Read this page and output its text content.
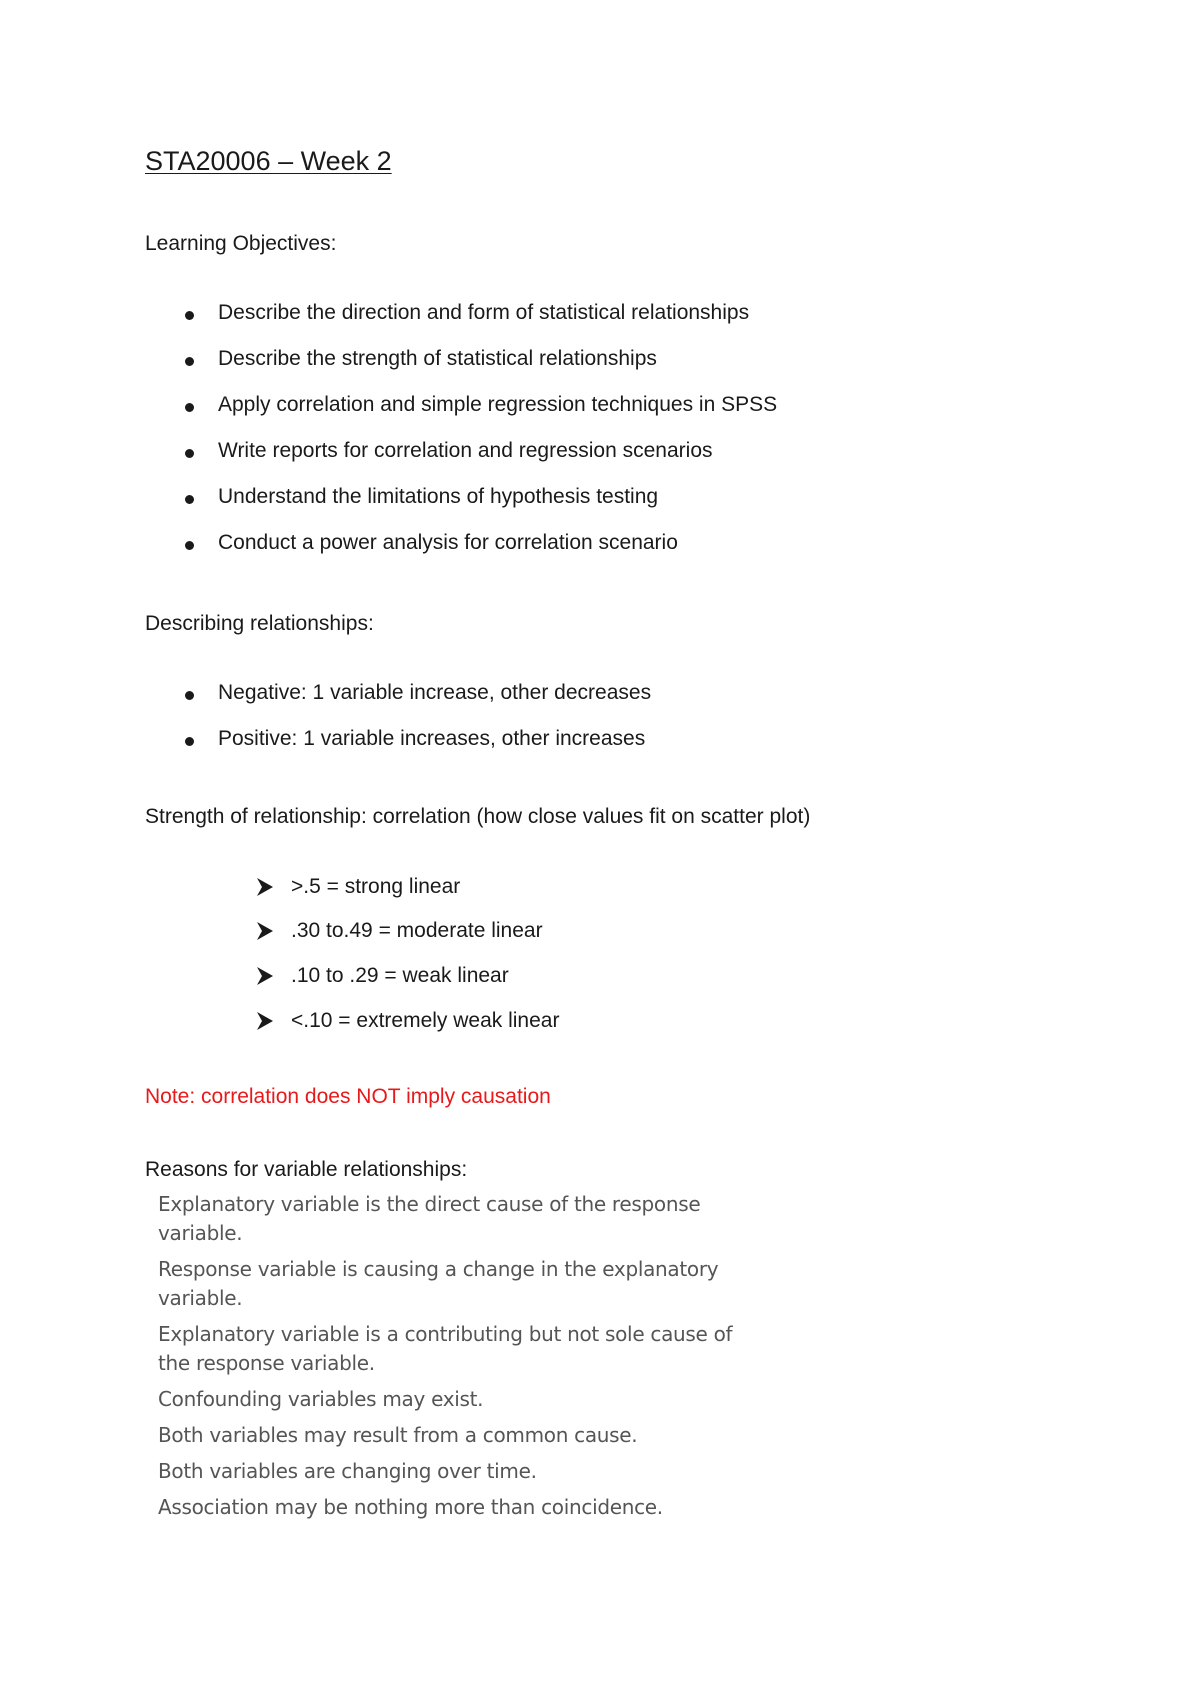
STA20006 – Week 2

Learning Objectives:

Describe the direction and form of statistical relationships
Describe the strength of statistical relationships
Apply correlation and simple regression techniques in SPSS
Write reports for correlation and regression scenarios
Understand the limitations of hypothesis testing
Conduct a power analysis for correlation scenario

Describing relationships:

Negative: 1 variable increase, other decreases
Positive: 1 variable increases, other increases

Strength of relationship: correlation (how close values fit on scatter plot)

>.5 = strong linear
.30 to.49 = moderate linear
.10 to .29 = weak linear
<.10 = extremely weak linear

Note: correlation does NOT imply causation

Reasons for variable relationships:

Explanatory variable is the direct cause of the response variable.

Response variable is causing a change in the explanatory variable.

Explanatory variable is a contributing but not sole cause of the response variable.

Confounding variables may exist.

Both variables may result from a common cause.

Both variables are changing over time.

Association may be nothing more than coincidence.
